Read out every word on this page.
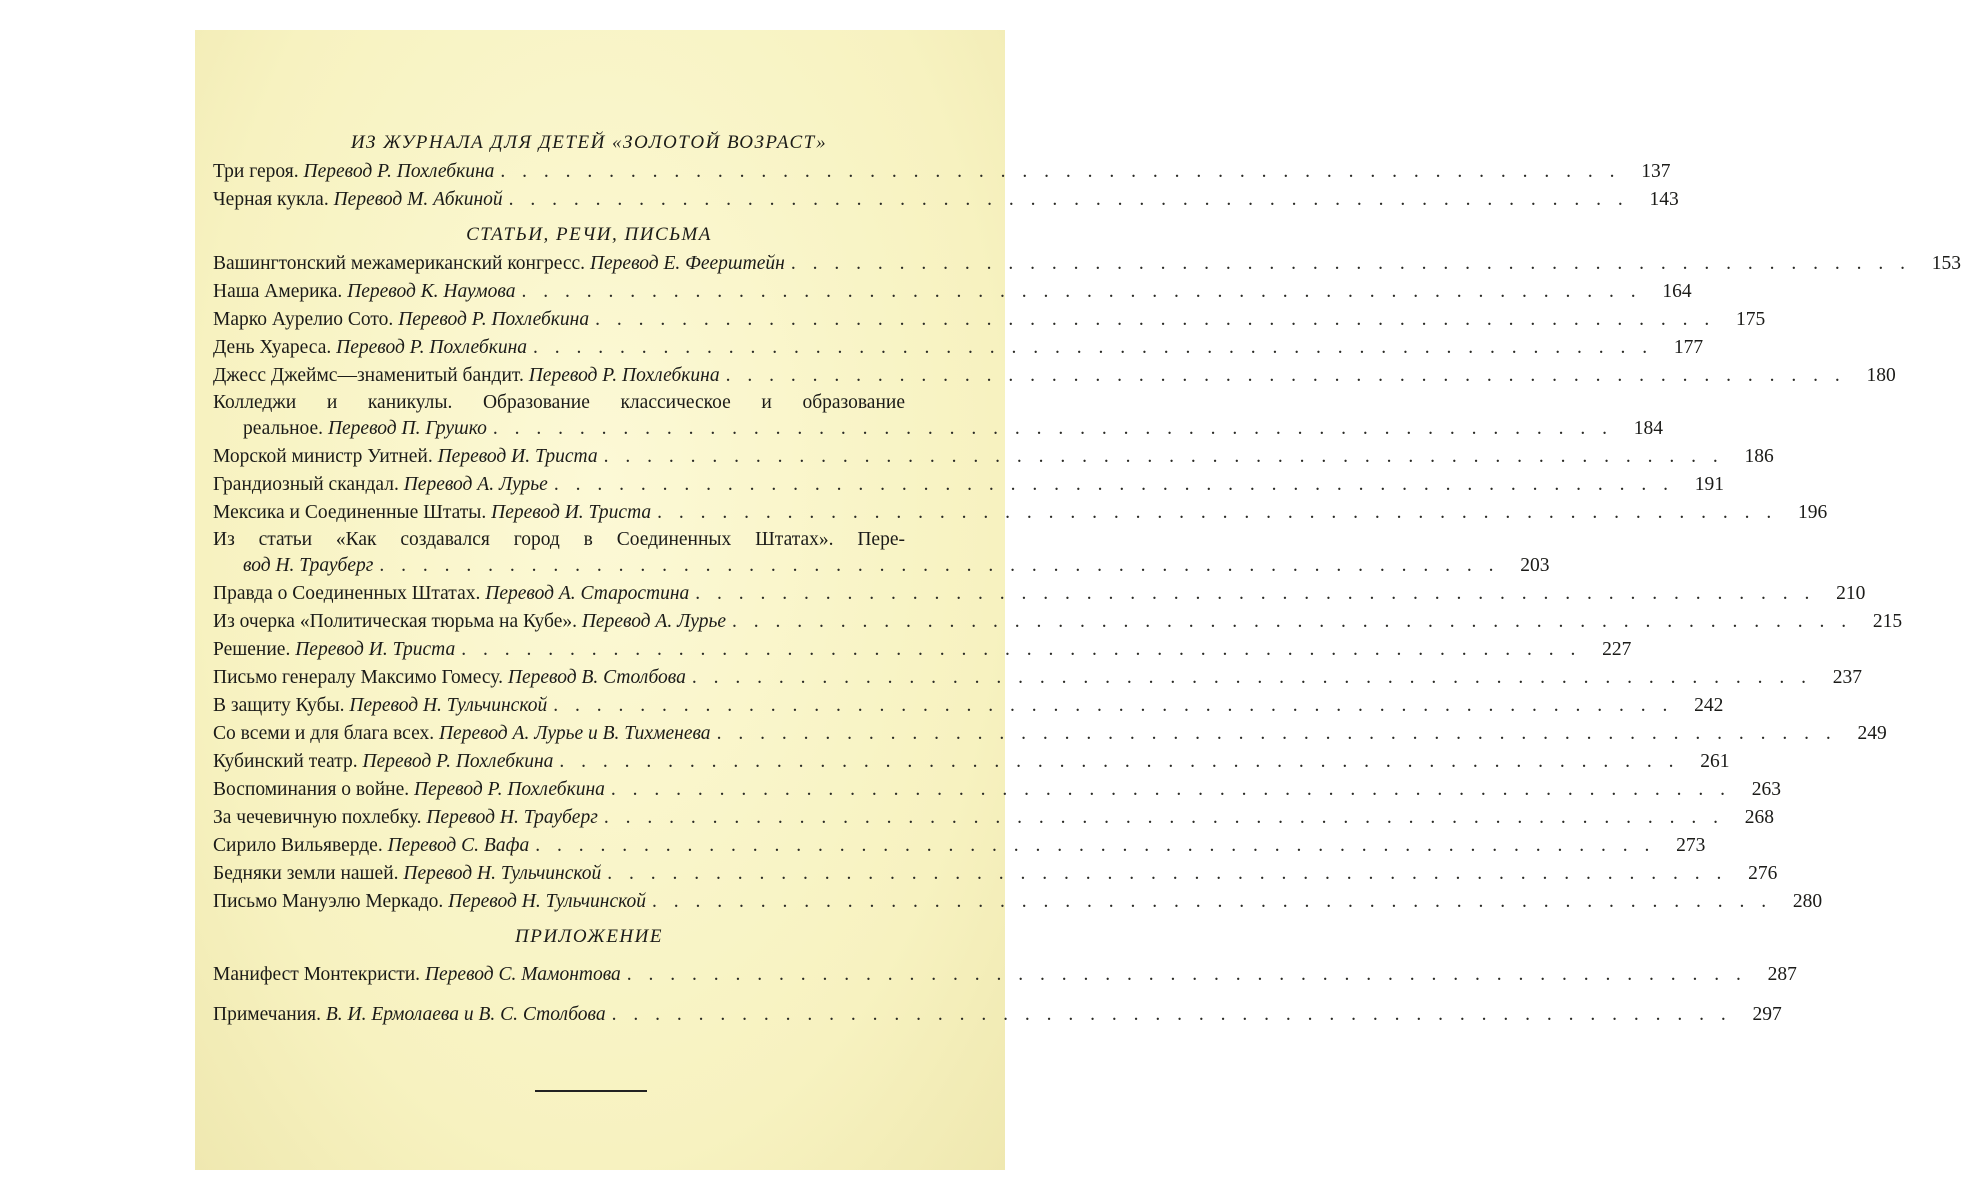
ИЗ ЖУРНАЛА ДЛЯ ДЕТЕЙ «ЗОЛОТОЙ ВОЗРАСТ»
Три героя. Перевод Р. Похлебкина . . . . . . . . . . . . . . . . . . . . . . . . . . . . . . . . . . . . . . . . . . . . . . . . . . . .	137
Черная кукла. Перевод М. Абкиной . . . . . . . . . . . . . . . . . . . . . . . . . . . . . . . . . . . . . . . . . . . . . . . . . . . .	143
СТАТЬИ, РЕЧИ, ПИСЬМА
Вашингтонский межамериканский конгресс. Перевод Е. Феерштейн . . . . . . . . . . . . . . . . . . . . . . . . . . . . . . . . . . . . . . . . . . . . . . . . . . . .	153
Наша Америка. Перевод К. Наумова . . . . . . . . . . . . . . . . . . . . . . . . . . . . . . . . . . . . . . . . . . . . . . . . . . . .	164
Марко Аурелио Сото. Перевод Р. Похлебкина . . . . . . . . . . . . . . . . . . . . . . . . . . . . . . . . . . . . . . . . . . . . . . . . . . . .	175
День Хуареса. Перевод Р. Похлебкина . . . . . . . . . . . . . . . . . . . . . . . . . . . . . . . . . . . . . . . . . . . . . . . . . . . .	177
Джесс Джеймс—знаменитый бандит. Перевод Р. Похлебкина . . . . . . . . . . . . . . . . . . . . . . . . . . . . . . . . . . . . . . . . . . . . . . . . . . . .	180
Колледжи и каникулы. Образование классическое и образование
реальное. Перевод П. Грушко . . . . . . . . . . . . . . . . . . . . . . . . . . . . . . . . . . . . . . . . . . . . . . . . . . . .	184
Морской министр Уитней. Перевод И. Триста . . . . . . . . . . . . . . . . . . . . . . . . . . . . . . . . . . . . . . . . . . . . . . . . . . . .	186
Грандиозный скандал. Перевод А. Лурье . . . . . . . . . . . . . . . . . . . . . . . . . . . . . . . . . . . . . . . . . . . . . . . . . . . .	191
Мексика и Соединенные Штаты. Перевод И. Триста . . . . . . . . . . . . . . . . . . . . . . . . . . . . . . . . . . . . . . . . . . . . . . . . . . . .	196
Из статьи «Как создавался город в Соединенных Штатах». Пере-
вод Н. Трауберг . . . . . . . . . . . . . . . . . . . . . . . . . . . . . . . . . . . . . . . . . . . . . . . . . . . .	203
Правда о Соединенных Штатах. Перевод А. Старостина . . . . . . . . . . . . . . . . . . . . . . . . . . . . . . . . . . . . . . . . . . . . . . . . . . . .	210
Из очерка «Политическая тюрьма на Кубе». Перевод А. Лурье . . . . . . . . . . . . . . . . . . . . . . . . . . . . . . . . . . . . . . . . . . . . . . . . . . . .	215
Решение. Перевод И. Триста . . . . . . . . . . . . . . . . . . . . . . . . . . . . . . . . . . . . . . . . . . . . . . . . . . . .	227
Письмо генералу Максимо Гомесу. Перевод В. Столбова . . . . . . . . . . . . . . . . . . . . . . . . . . . . . . . . . . . . . . . . . . . . . . . . . . . .	237
В защиту Кубы. Перевод Н. Тульчинской . . . . . . . . . . . . . . . . . . . . . . . . . . . . . . . . . . . . . . . . . . . . . . . . . . . .	242
Со всеми и для блага всех. Перевод А. Лурье и В. Тихменева . . . . . . . . . . . . . . . . . . . . . . . . . . . . . . . . . . . . . . . . . . . . . . . . . . . .	249
Кубинский театр. Перевод Р. Похлебкина . . . . . . . . . . . . . . . . . . . . . . . . . . . . . . . . . . . . . . . . . . . . . . . . . . . .	261
Воспоминания о войне. Перевод Р. Похлебкина . . . . . . . . . . . . . . . . . . . . . . . . . . . . . . . . . . . . . . . . . . . . . . . . . . . .	263
За чечевичную похлебку. Перевод Н. Трауберг . . . . . . . . . . . . . . . . . . . . . . . . . . . . . . . . . . . . . . . . . . . . . . . . . . . .	268
Сирило Вильяверде. Перевод С. Вафа . . . . . . . . . . . . . . . . . . . . . . . . . . . . . . . . . . . . . . . . . . . . . . . . . . . .	273
Бедняки земли нашей. Перевод Н. Тульчинской . . . . . . . . . . . . . . . . . . . . . . . . . . . . . . . . . . . . . . . . . . . . . . . . . . . .	276
Письмо Мануэлю Меркадо. Перевод Н. Тульчинской . . . . . . . . . . . . . . . . . . . . . . . . . . . . . . . . . . . . . . . . . . . . . . . . . . . .	280
ПРИЛОЖЕНИЕ
Манифест Монтекристи. Перевод С. Мамонтова . . . . . . . . . . . . . . . . . . . . . . . . . . . . . . . . . . . . . . . . . . . . . . . . . . . .	287
Примечания. В. И. Ермолаева и В. С. Столбова . . . . . . . . . . . . . . . . . . . . . . . . . . . . . . . . . . . . . . . . . . . . . . . . . . . .	297
